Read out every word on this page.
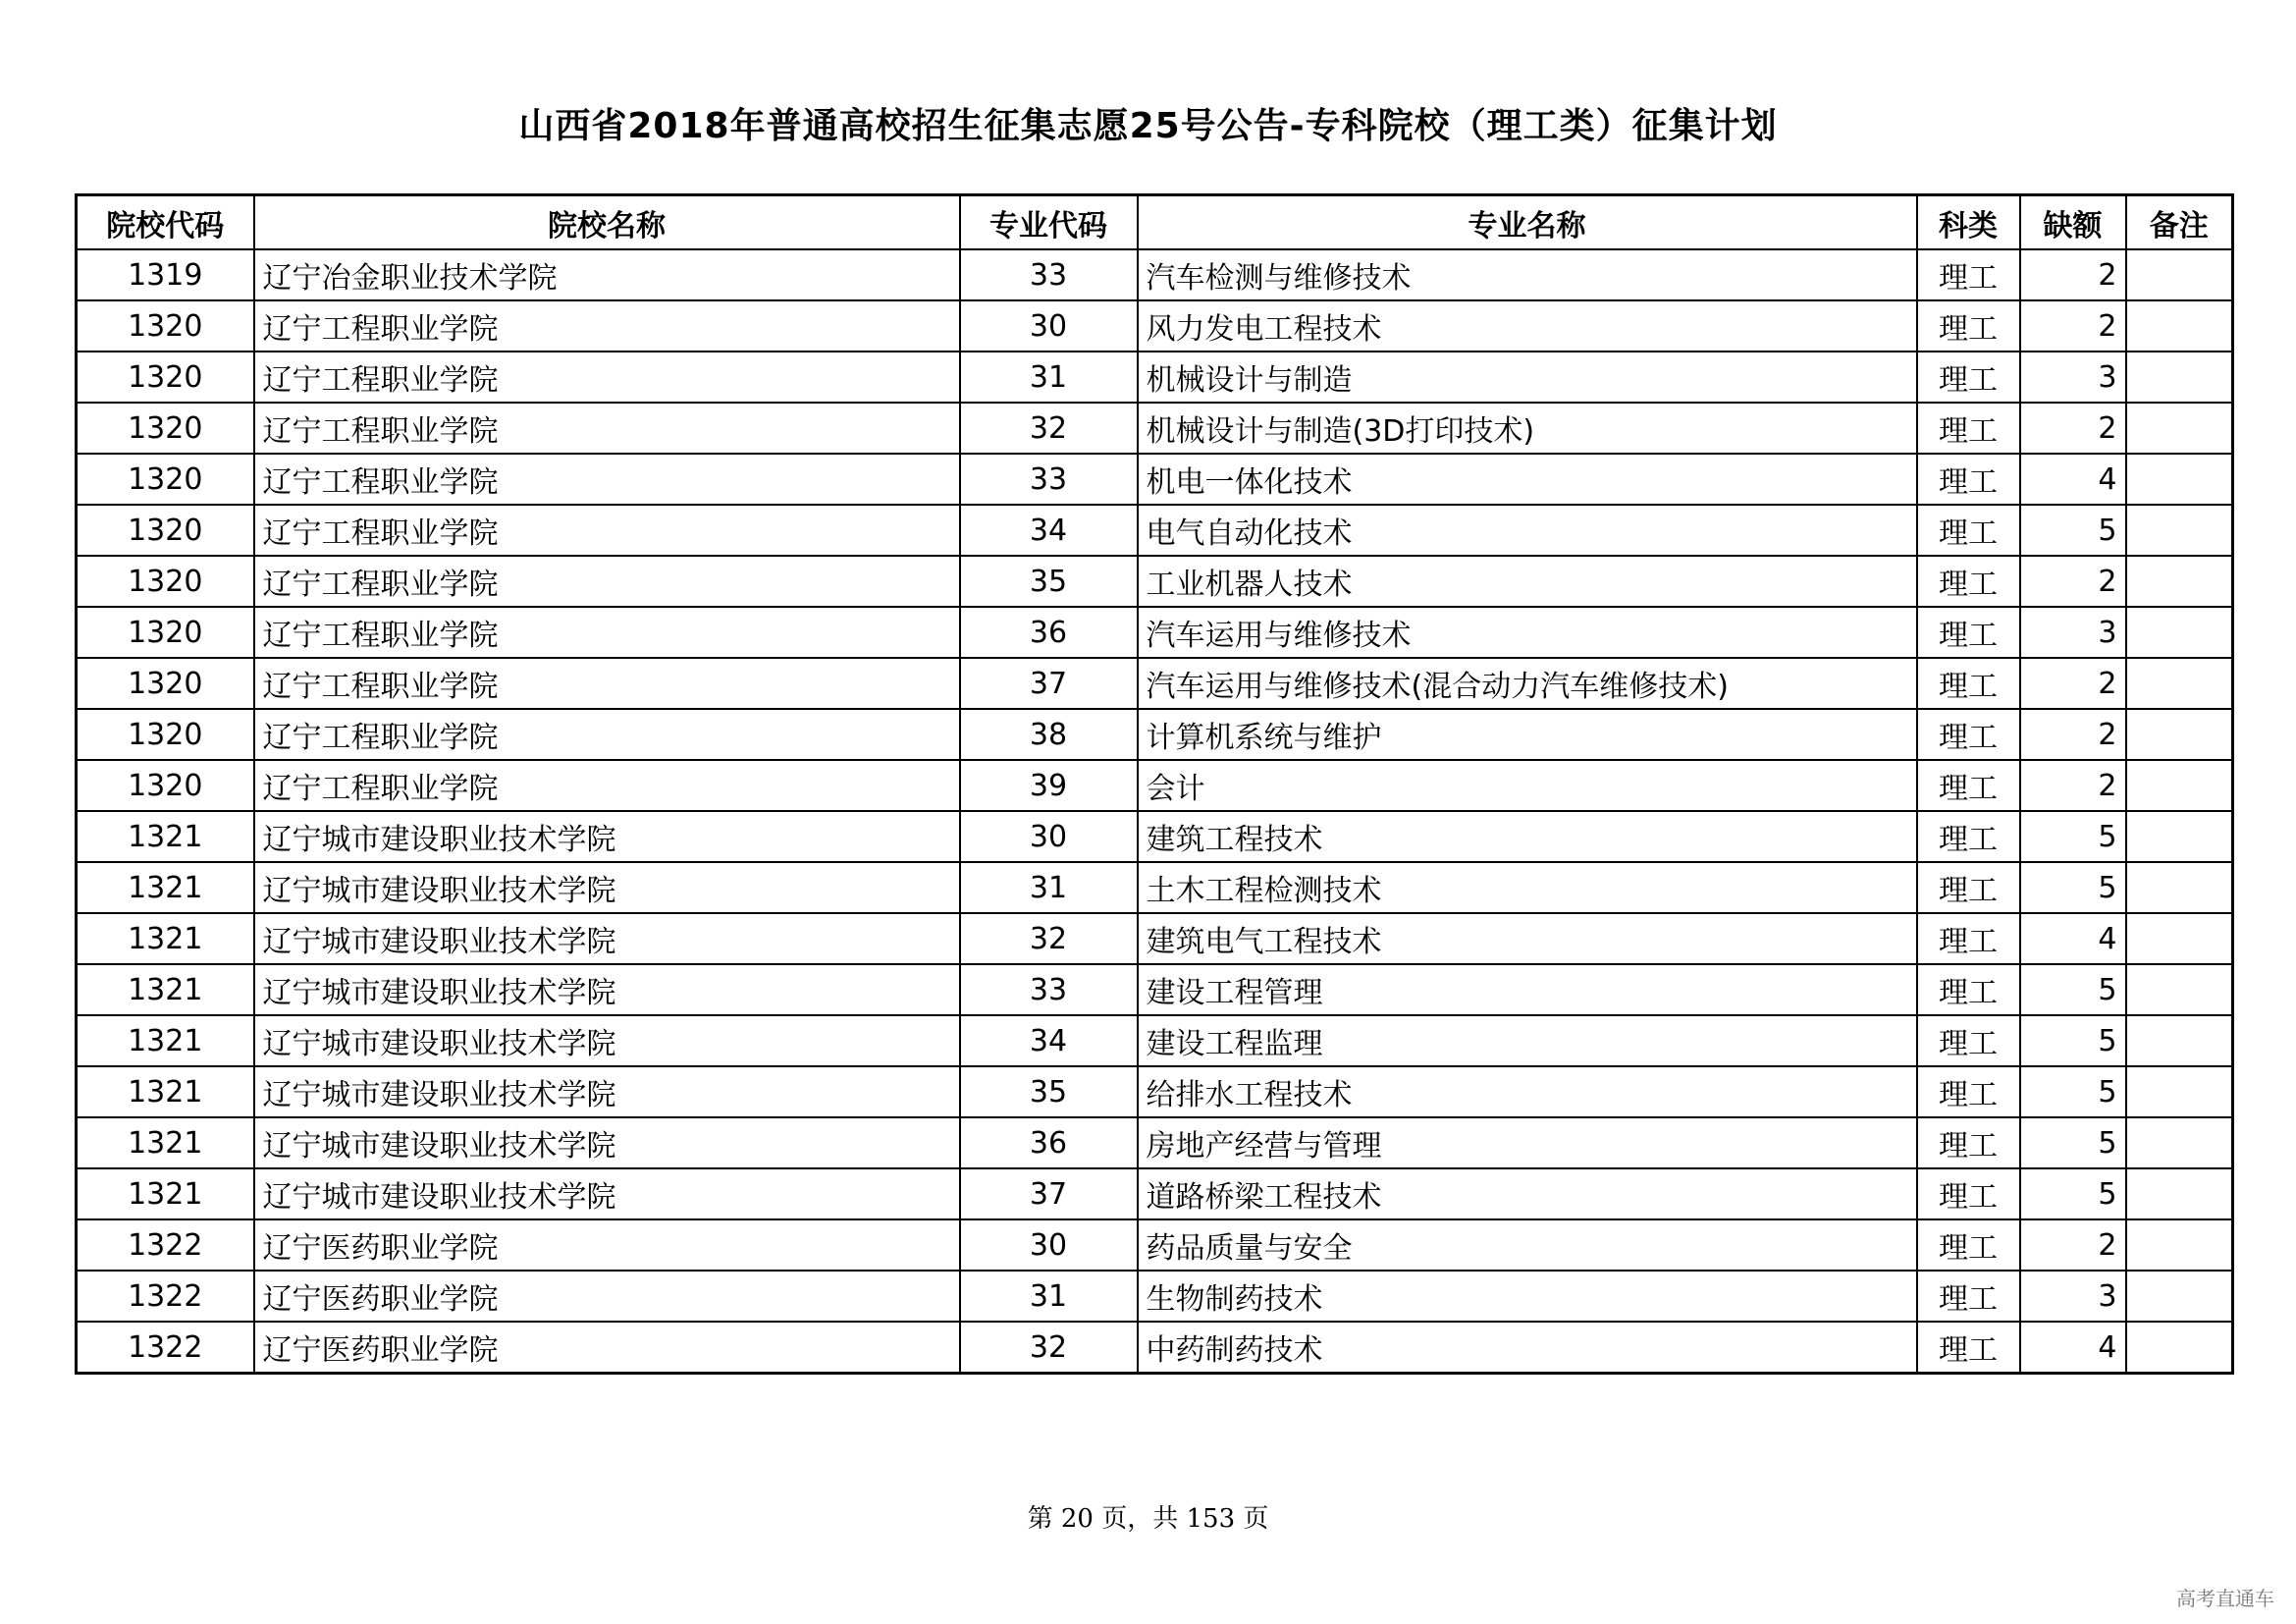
山西省2018年普通高校招生征集志愿25号公告-专科院校（理工类）征集计划
院校代码	院校名称	专业代码	专业名称	科类	缺额	备注
1319	辽宁冶金职业技术学院	33	汽车检测与维修技术	理工	2	
1320	辽宁工程职业学院	30	风力发电工程技术	理工	2	
1320	辽宁工程职业学院	31	机械设计与制造	理工	3	
1320	辽宁工程职业学院	32	机械设计与制造(3D打印技术)	理工	2	
1320	辽宁工程职业学院	33	机电一体化技术	理工	4	
1320	辽宁工程职业学院	34	电气自动化技术	理工	5	
1320	辽宁工程职业学院	35	工业机器人技术	理工	2	
1320	辽宁工程职业学院	36	汽车运用与维修技术	理工	3	
1320	辽宁工程职业学院	37	汽车运用与维修技术(混合动力汽车维修技术)	理工	2	
1320	辽宁工程职业学院	38	计算机系统与维护	理工	2	
1320	辽宁工程职业学院	39	会计	理工	2	
1321	辽宁城市建设职业技术学院	30	建筑工程技术	理工	5	
1321	辽宁城市建设职业技术学院	31	土木工程检测技术	理工	5	
1321	辽宁城市建设职业技术学院	32	建筑电气工程技术	理工	4	
1321	辽宁城市建设职业技术学院	33	建设工程管理	理工	5	
1321	辽宁城市建设职业技术学院	34	建设工程监理	理工	5	
1321	辽宁城市建设职业技术学院	35	给排水工程技术	理工	5	
1321	辽宁城市建设职业技术学院	36	房地产经营与管理	理工	5	
1321	辽宁城市建设职业技术学院	37	道路桥梁工程技术	理工	5	
1322	辽宁医药职业学院	30	药品质量与安全	理工	2	
1322	辽宁医药职业学院	31	生物制药技术	理工	3	
1322	辽宁医药职业学院	32	中药制药技术	理工	4	
第 20 页，共 153 页
高考直通车
